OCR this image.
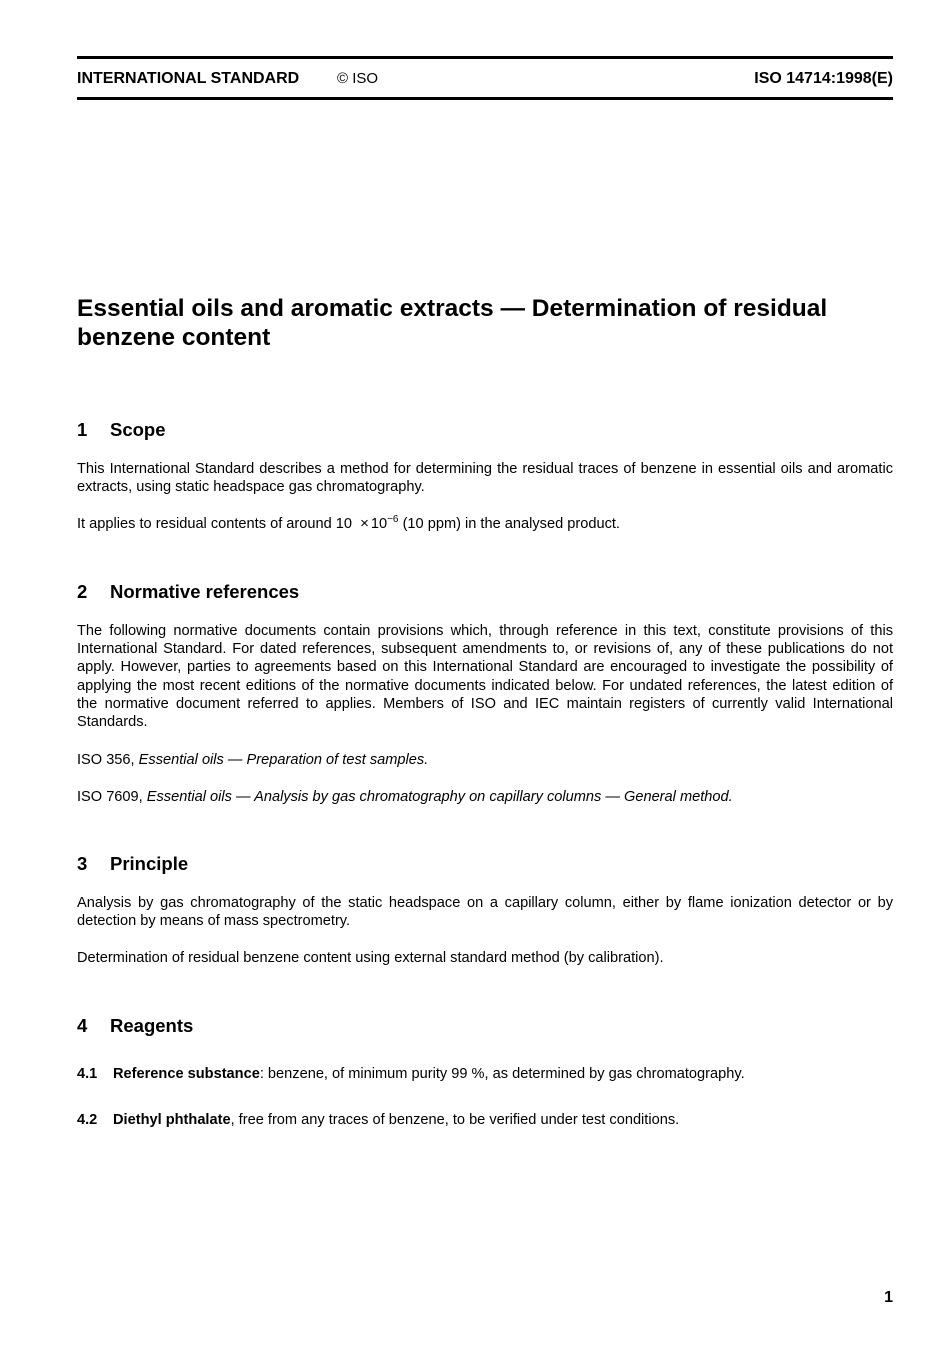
INTERNATIONAL STANDARD	© ISO	ISO 14714:1998(E)
Essential oils and aromatic extracts — Determination of residual benzene content
1 Scope

This International Standard describes a method for determining the residual traces of benzene in essential oils and aromatic extracts, using static headspace gas chromatography.

It applies to residual contents of around $10 \times 10^{-6}$ (10 ppm) in the analysed product.

2 Normative references

The following normative documents contain provisions which, through reference in this text, constitute provisions of this International Standard. For dated references, subsequent amendments to, or revisions of, any of these publications do not apply. However, parties to agreements based on this International Standard are encouraged to investigate the possibility of applying the most recent editions of the normative documents indicated below. For undated references, the latest edition of the normative document referred to applies. Members of ISO and IEC maintain registers of currently valid International Standards.

ISO 356, Essential oils — Preparation of test samples.

ISO 7609, Essential oils — Analysis by gas chromatography on capillary columns — General method.

3 Principle

Analysis by gas chromatography of the static headspace on a capillary column, either by flame ionization detector or by detection by means of mass spectrometry.

Determination of residual benzene content using external standard method (by calibration).

4 Reagents

4.1 Reference substance: benzene, of minimum purity 99 %, as determined by gas chromatography.

4.2 Diethyl phthalate, free from any traces of benzene, to be verified under test conditions.

1
